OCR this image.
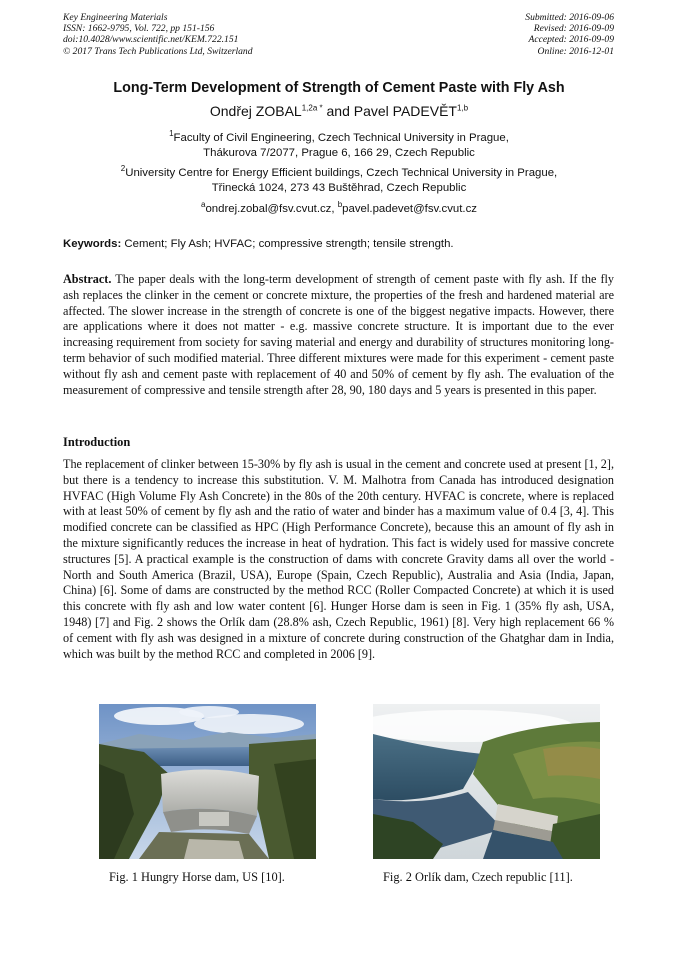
Key Engineering Materials
ISSN: 1662-9795, Vol. 722, pp 151-156
doi:10.4028/www.scientific.net/KEM.722.151
© 2017 Trans Tech Publications Ltd, Switzerland
Submitted: 2016-09-06
Revised: 2016-09-09
Accepted: 2016-09-09
Online: 2016-12-01
Long-Term Development of Strength of Cement Paste with Fly Ash
Ondřej $ZOBAL^{1,2a *}$ and Pavel PADEVĚT$^{1,b}$
$^1$Faculty of Civil Engineering, Czech Technical University in Prague,
Thákurova 7/2077, Prague 6, 166 29, Czech Republic
$^2$University Centre for Energy Efficient buildings, Czech Technical University in Prague,
Třinecká 1024, 273 43 Buštěhrad, Czech Republic
$^a$ondrej.zobal@fsv.cvut.cz, $^b$pavel.padevet@fsv.cvut.cz
Keywords: Cement; Fly Ash; HVFAC; compressive strength; tensile strength.
Abstract. The paper deals with the long-term development of strength of cement paste with fly ash. If the fly ash replaces the clinker in the cement or concrete mixture, the properties of the fresh and hardened material are affected. The slower increase in the strength of concrete is one of the biggest negative impacts. However, there are applications where it does not matter - e.g. massive concrete structure. It is important due to the ever increasing requirement from society for saving material and energy and durability of structures monitoring long-term behavior of such modified material. Three different mixtures were made for this experiment - cement paste without fly ash and cement paste with replacement of 40 and 50% of cement by fly ash. The evaluation of the measurement of compressive and tensile strength after 28, 90, 180 days and 5 years is presented in this paper.
Introduction
The replacement of clinker between 15-30% by fly ash is usual in the cement and concrete used at present [1, 2], but there is a tendency to increase this substitution. V. M. Malhotra from Canada has introduced designation HVFAC (High Volume Fly Ash Concrete) in the 80s of the 20th century. HVFAC is concrete, where is replaced with at least 50% of cement by fly ash and the ratio of water and binder has a maximum value of 0.4 [3, 4]. This modified concrete can be classified as HPC (High Performance Concrete), because this an amount of fly ash in the mixture significantly reduces the increase in heat of hydration. This fact is widely used for massive concrete structures [5]. A practical example is the construction of dams with concrete Gravity dams all over the world - North and South America (Brazil, USA), Europe (Spain, Czech Republic), Australia and Asia (India, Japan, China) [6]. Some of dams are constructed by the method RCC (Roller Compacted Concrete) at which it is used this concrete with fly ash and low water content [6]. Hunger Horse dam is seen in Fig. 1 (35% fly ash, USA, 1948) [7] and Fig. 2 shows the Orlík dam (28.8% ash, Czech Republic, 1961) [8]. Very high replacement 66 % of cement with fly ash was designed in a mixture of concrete during construction of the Ghatghar dam in India, which was built by the method RCC and completed in 2006 [9].
Fig. 1 Hungry Horse dam, US [10].	Fig. 2 Orlík dam, Czech republic [11].
